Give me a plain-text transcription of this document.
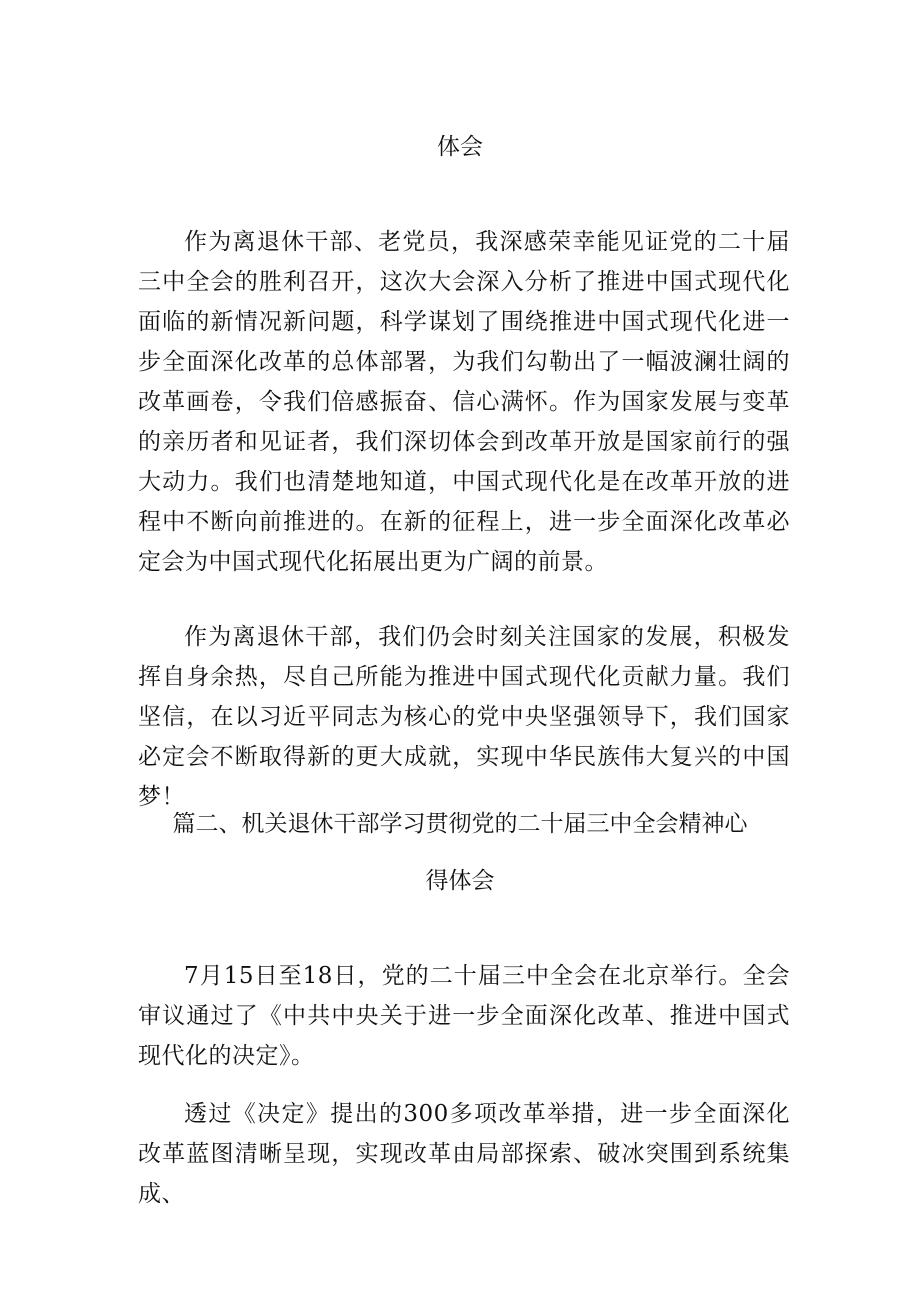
体会

作为离退休干部、老党员，我深感荣幸能见证党的二十届三中全会的胜利召开，这次大会深入分析了推进中国式现代化面临的新情况新问题，科学谋划了围绕推进中国式现代化进一步全面深化改革的总体部署，为我们勾勒出了一幅波澜壮阔的改革画卷，令我们倍感振奋、信心满怀。作为国家发展与变革的亲历者和见证者，我们深切体会到改革开放是国家前行的强大动力。我们也清楚地知道，中国式现代化是在改革开放的进程中不断向前推进的。在新的征程上，进一步全面深化改革必定会为中国式现代化拓展出更为广阔的前景。

作为离退休干部，我们仍会时刻关注国家的发展，积极发挥自身余热，尽自己所能为推进中国式现代化贡献力量。我们坚信，在以习近平同志为核心的党中央坚强领导下，我们国家必定会不断取得新的更大成就，实现中华民族伟大复兴的中国梦！

篇二、机关退休干部学习贯彻党的二十届三中全会精神心
得体会

7月15日至18日，党的二十届三中全会在北京举行。全会审议通过了《中共中央关于进一步全面深化改革、推进中国式现代化的决定》。

透过《决定》提出的300多项改革举措，进一步全面深化改革蓝图清晰呈现，实现改革由局部探索、破冰突围到系统集成、
